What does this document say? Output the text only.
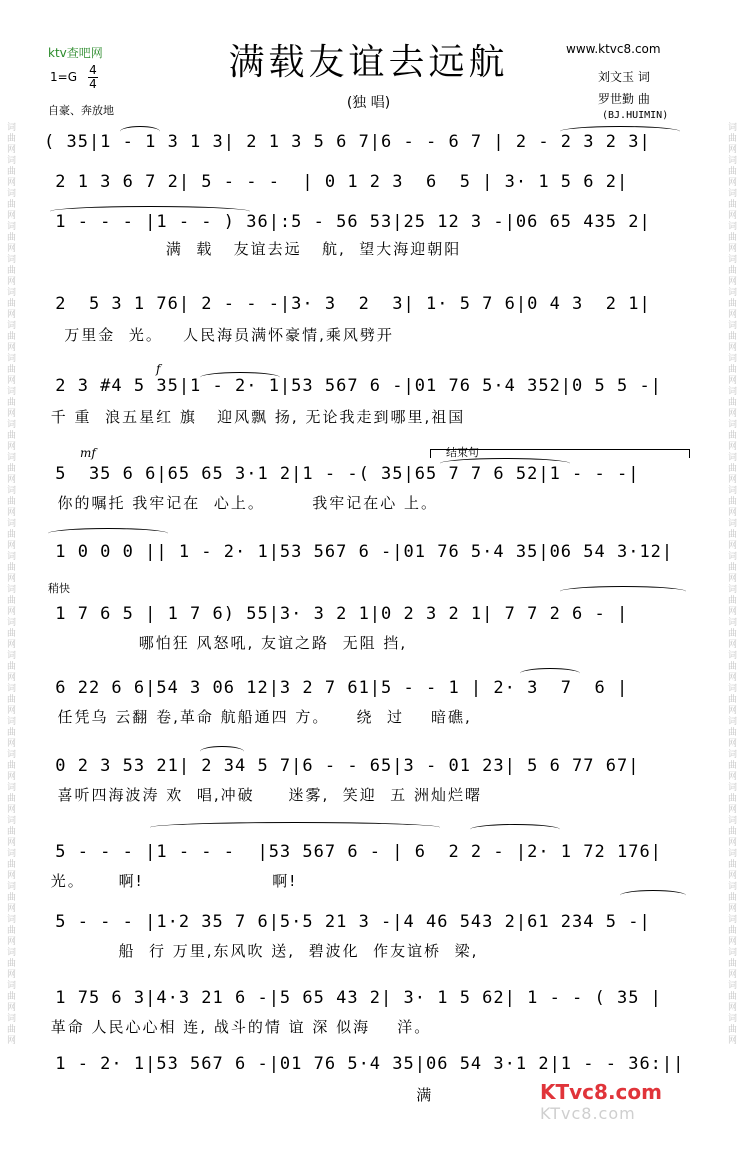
词曲网词曲网词曲网词曲网词曲网词曲网词曲网词曲网词曲网词曲网词曲网词曲网词曲网词曲网词曲网词曲网词曲网词曲网词曲网词曲网词曲网词曲网词曲网词曲网词曲网词曲网词曲网词曲网	词曲网词曲网词曲网词曲网词曲网词曲网词曲网词曲网词曲网词曲网词曲网词曲网词曲网词曲网词曲网词曲网词曲网词曲网词曲网词曲网词曲网词曲网词曲网词曲网词曲网词曲网词曲网词曲网
ktv查吧网
1=G 4
4
自豪、奔放地
满载友谊去远航
(独 唱)
www.ktvc8.com
刘文玉 词
罗世勤 曲
(BJ.HUIMIN)
( 35|1 - 1 3 1 3| 2 1 3 5 6 7|6 - - 6 7 | 2 - 2 3 2 3|
2 1 3 6 7 2| 5 - - -  | 0 1 2 3  6  5 | 3· 1 5 6 2|
1 - - - |1 - - ) 36|:5 - 56 53|25 12 3 -|06 65 435 2|
满  载   友谊去远   航,  望大海迎朝阳
2  5 3 1 76| 2 - - -|3· 3  2  3| 1· 5 7 6|0 4 3  2 1|
万里金  光。   人民海员满怀豪情,乘风劈开
2 3 #4 5 35|1 - 2· 1|53 567 6 -|01 76 5·4 352|0 5 5 -|
千 重  浪五星红 旗   迎风飘 扬, 无论我走到哪里,祖国
5  35 6 6|65 65 3·1 2|1 - -( 35|65 7 7 6 52|1 - - -|
你的嘱托 我牢记在  心上。       我牢记在心 上。
1 0 0 0 || 1 - 2· 1|53 567 6 -|01 76 5·4 35|06 54 3·12|
1 7 6 5 | 1 7 6) 55|3· 3 2 1|0 2 3 2 1| 7 7 2 6 - |
哪怕狂 风怒吼, 友谊之路  无阻 挡,
6 22 6 6|54 3 06 12|3 2 7 61|5 - - 1 | 2· 3  7  6 |
任凭乌 云翻 卷,革命 航船通四 方。    绕  过    暗礁,
0 2 3 53 21| 2 34 5 7|6 - - 65|3 - 01 23| 5 6 77 67|
喜听四海波涛 欢  唱,冲破     迷雾,  笑迎  五 洲灿烂曙
5 - - - |1 - - -  |53 567 6 - | 6  2 2 - |2· 1 72 176|
光。     啊!                   啊!
5 - - - |1·2 35 7 6|5·5 21 3 -|4 46 543 2|61 234 5 -|
船  行 万里,东风吹 送,  碧波化  作友谊桥  梁,
1 75 6 3|4·3 21 6 -|5 65 43 2| 3· 1 5 62| 1 - - ( 35 |
革命 人民心心相 连, 战斗的情 谊 深 似海    洋。
1 - 2· 1|53 567 6 -|01 76 5·4 35|06 54 3·1 2|1 - - 36:||
满
f
mf	结束句
稍快
KTvc8.com
KTvc8.com
